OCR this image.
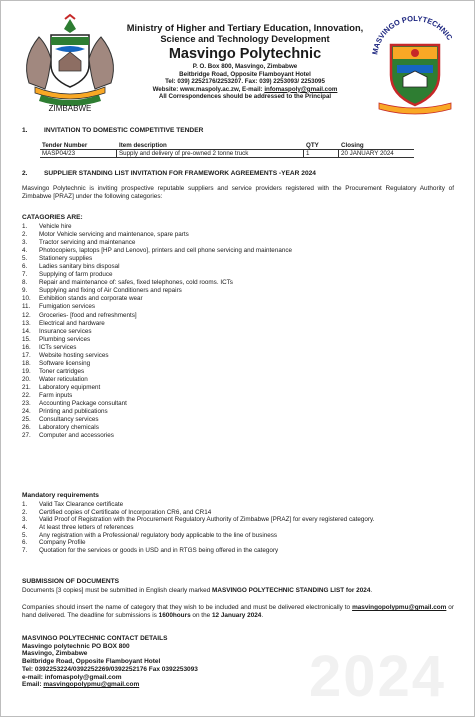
2024
ZIMBABWE
Ministry of Higher and Tertiary Education, Innovation, Science and Technology Development
Masvingo Polytechnic
P. O. Box 800, Masvingo, Zimbabwe
Beitbridge Road, Opposite Flamboyant Hotel
Tel: 039) 2252176/2253207. Fax: 039) 2253093/ 2253095
Website: www.maspoly.ac.zw, E-mail: infomaspoly@gmail.com
All Correspondences should be addressed to the Principal
MASVINGO POLYTECHNIC
1.	INVITATION TO DOMESTIC COMPETITIVE TENDER
Tender Number	Item description	QTY	Closing
MASP04/23	Supply and delivery of pre-owned 2 tonne truck	1	20 JANUARY 2024
2.	SUPPLIER STANDING LIST INVITATION FOR FRAMEWORK AGREEMENTS -YEAR 2024
Masvingo Polytechnic is inviting prospective reputable suppliers and service providers registered with the Procurement Regulatory Authority of Zimbabwe [PRAZ] under the following categories:
CATAGORIES ARE:
1. Vehicle hire
2. Motor Vehicle servicing and maintenance, spare parts
3. Tractor servicing and maintenance
4. Photocopiers, laptops [HP and Lenovo], printers and cell phone servicing and maintenance
5. Stationery supplies
6. Ladies sanitary bins disposal
7. Supplying of farm produce
8. Repair and maintenance of: safes, fixed telephones, cold rooms. ICTs
9. Supplying and fixing of Air Conditioners and repairs
10. Exhibition stands and corporate wear
11. Fumigation services
12. Groceries- [food and refreshments]
13. Electrical and hardware
14. Insurance services
15. Plumbing services
16. ICTs services
17. Website hosting services
18. Software licensing
19. Toner cartridges
20. Water reticulation
21. Laboratory equipment
22. Farm inputs
23. Accounting Package consultant
24. Printing and publications
25. Consultancy services
26. Laboratory chemicals
27. Computer and accessories
Mandatory requirements
1. Valid Tax Clearance certificate
2. Certified copies of Certificate of Incorporation CR6, and CR14
3. Valid Proof of Registration with the Procurement Regulatory Authority of Zimbabwe [PRAZ] for every registered category.
4. At least three letters of references
5. Any registration with a Professional/ regulatory body applicable to the line of business
6. Company Profile
7. Quotation for the services or goods in USD and in RTGS being offered in the category
SUBMISSION OF DOCUMENTS
Documents [3 copies] must be submitted in English clearly marked MASVINGO POLYTECHNIC STANDING LIST for 2024.
Companies should insert the name of category that they wish to be included and must be delivered electronically to masvingopolypmu@gmail.com or hand delivered. The deadline for submissions is 1600hours on the 12 January 2024.
MASVINGO POLYTECHNIC CONTACT DETAILS
Masvingo polytechnic PO BOX 800
Masvingo, Zimbabwe
Beitbridge Road, Opposite Flamboyant Hotel
Tel: 0392253224/0392252269/0392252176 Fax 0392253093
e-mail: infomaspoly@gmail.com
Email: masvingopolypmu@gmail.com
